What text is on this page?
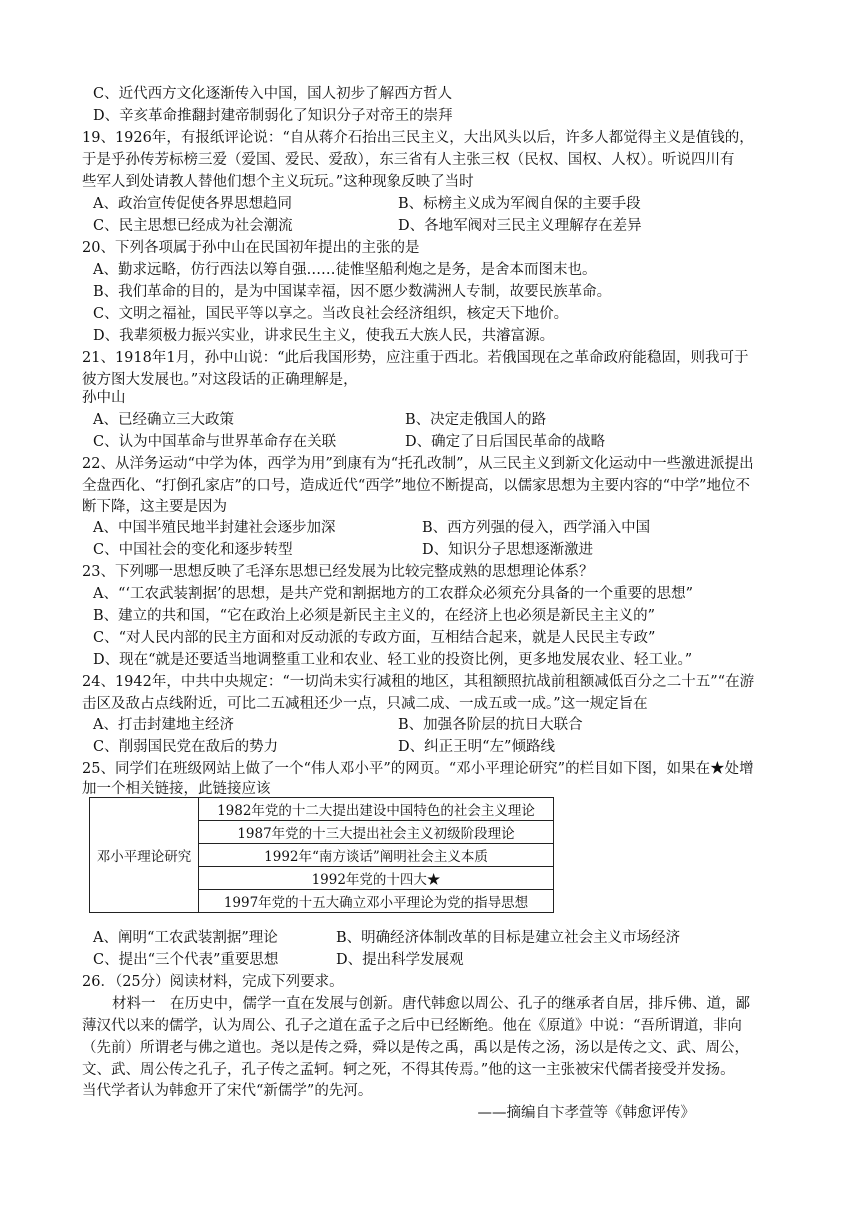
C、近代西方文化逐渐传入中国，国人初步了解西方哲人
D、辛亥革命推翻封建帝制弱化了知识分子对帝王的崇拜
19、1926年，有报纸评论说：“自从蒋介石抬出三民主义，大出风头以后，许多人都觉得主义是值钱的，
于是乎孙传芳标榜三爱（爱国、爱民、爱敌），东三省有人主张三权（民权、国权、人权）。听说四川有
些军人到处请教人替他们想个主义玩玩。”这种现象反映了当时
A、政治宣传促使各界思想趋同	B、标榜主义成为军阀自保的主要手段
C、民主思想已经成为社会潮流	D、各地军阀对三民主义理解存在差异
20、下列各项属于孙中山在民国初年提出的主张的是
A、勤求远略，仿行西法以筹自强……徒惟坚船利炮之是务，是舍本而图末也。
B、我们革命的目的，是为中国谋幸福，因不愿少数满洲人专制，故要民族革命。
C、文明之福祉，国民平等以享之。当改良社会经济组织，核定天下地价。
D、我辈须极力振兴实业，讲求民生主义，使我五大族人民，共濬富源。
21、1918年1月，孙中山说：“此后我国形势，应注重于西北。若俄国现在之革命政府能稳固，则我可于
彼方图大发展也。”对这段话的正确理解是，
孙中山
A、已经确立三大政策	B、决定走俄国人的路
C、认为中国革命与世界革命存在关联	D、确定了日后国民革命的战略
22、从洋务运动“中学为体，西学为用”到康有为“托孔改制”，从三民主义到新文化运动中一些激进派提出
全盘西化、“打倒孔家店”的口号，造成近代“西学”地位不断提高，以儒家思想为主要内容的“中学”地位不
断下降，这主要是因为
A、中国半殖民地半封建社会逐步加深	B、西方列强的侵入，西学涌入中国
C、中国社会的变化和逐步转型	D、知识分子思想逐渐激进
23、下列哪一思想反映了毛泽东思想已经发展为比较完整成熟的思想理论体系？
A、“‘工农武装割据’的思想，是共产党和割据地方的工农群众必须充分具备的一个重要的思想”
B、建立的共和国，“它在政治上必须是新民主主义的，在经济上也必须是新民主主义的”
C、“对人民内部的民主方面和对反动派的专政方面，互相结合起来，就是人民民主专政”
D、现在“就是还要适当地调整重工业和农业、轻工业的投资比例，更多地发展农业、轻工业。”
24、1942年，中共中央规定：“一切尚未实行减租的地区，其租额照抗战前租额减低百分之二十五”“在游
击区及敌占点线附近，可比二五减租还少一点，只减二成、一成五或一成。”这一规定旨在
A、打击封建地主经济	B、加强各阶层的抗日大联合
C、削弱国民党在敌后的势力	D、纠正王明“左”倾路线
25、同学们在班级网站上做了一个“伟人邓小平”的网页。“邓小平理论研究”的栏目如下图，如果在★处增
加一个相关链接，此链接应该
邓小平理论研究	1982年党的十二大提出建设中国特色的社会主义理论
1987年党的十三大提出社会主义初级阶段理论
1992年“南方谈话”阐明社会主义本质
1992年党的十四大★
1997年党的十五大确立邓小平理论为党的指导思想
A、阐明“工农武装割据”理论	B、明确经济体制改革的目标是建立社会主义市场经济
C、提出“三个代表”重要思想	D、提出科学发展观
26．（25分）阅读材料，完成下列要求。
材料一　在历史中，儒学一直在发展与创新。唐代韩愈以周公、孔子的继承者自居，排斥佛、道，鄙
薄汉代以来的儒学，认为周公、孔子之道在孟子之后中已经断绝。他在《原道》中说：“吾所谓道，非向
（先前）所谓老与佛之道也。尧以是传之舜，舜以是传之禹，禹以是传之汤，汤以是传之文、武、周公，
文、武、周公传之孔子，孔子传之孟轲。轲之死，不得其传焉。”他的这一主张被宋代儒者接受并发扬。
当代学者认为韩愈开了宋代“新儒学”的先河。
——摘编自卞孝萱等《韩愈评传》
